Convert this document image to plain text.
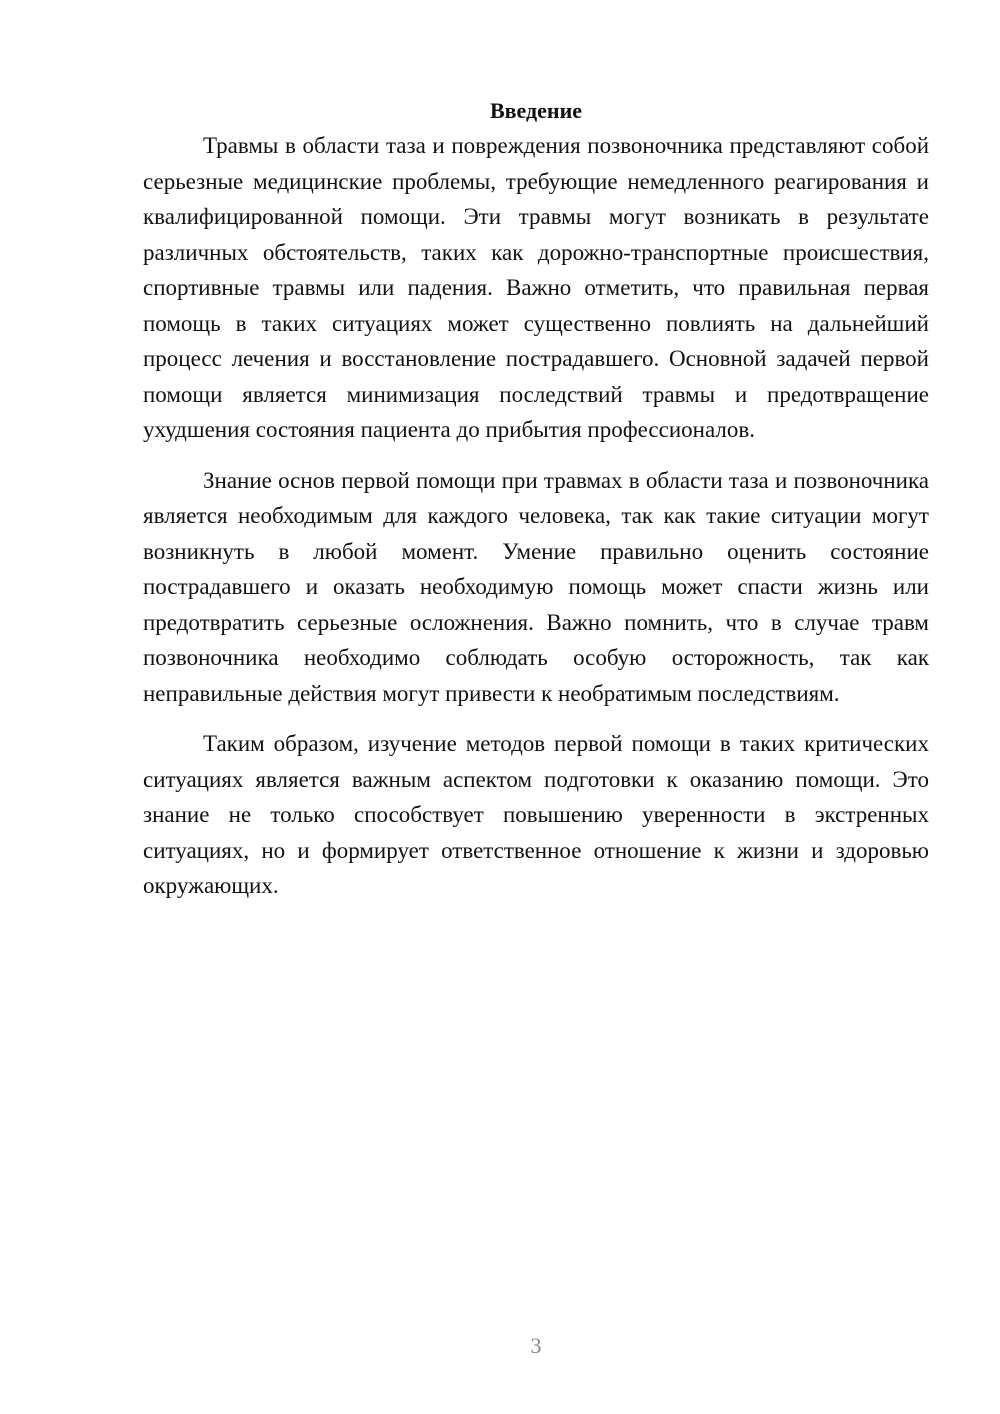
Введение

Травмы в области таза и повреждения позвоночника представляют собой серьезные медицинские проблемы, требующие немедленного реагирования и квалифицированной помощи. Эти травмы могут возникать в результате различных обстоятельств, таких как дорожно-транспортные происшествия, спортивные травмы или падения. Важно отметить, что правильная первая помощь в таких ситуациях может существенно повлиять на дальнейший процесс лечения и восстановление пострадавшего. Основной задачей первой помощи является минимизация последствий травмы и предотвращение ухудшения состояния пациента до прибытия профессионалов.

Знание основ первой помощи при травмах в области таза и позвоночника является необходимым для каждого человека, так как такие ситуации могут возникнуть в любой момент. Умение правильно оценить состояние пострадавшего и оказать необходимую помощь может спасти жизнь или предотвратить серьезные осложнения. Важно помнить, что в случае травм позвоночника необходимо соблюдать особую осторожность, так как неправильные действия могут привести к необратимым последствиям.

Таким образом, изучение методов первой помощи в таких критических ситуациях является важным аспектом подготовки к оказанию помощи. Это знание не только способствует повышению уверенности в экстренных ситуациях, но и формирует ответственное отношение к жизни и здоровью окружающих.

3
